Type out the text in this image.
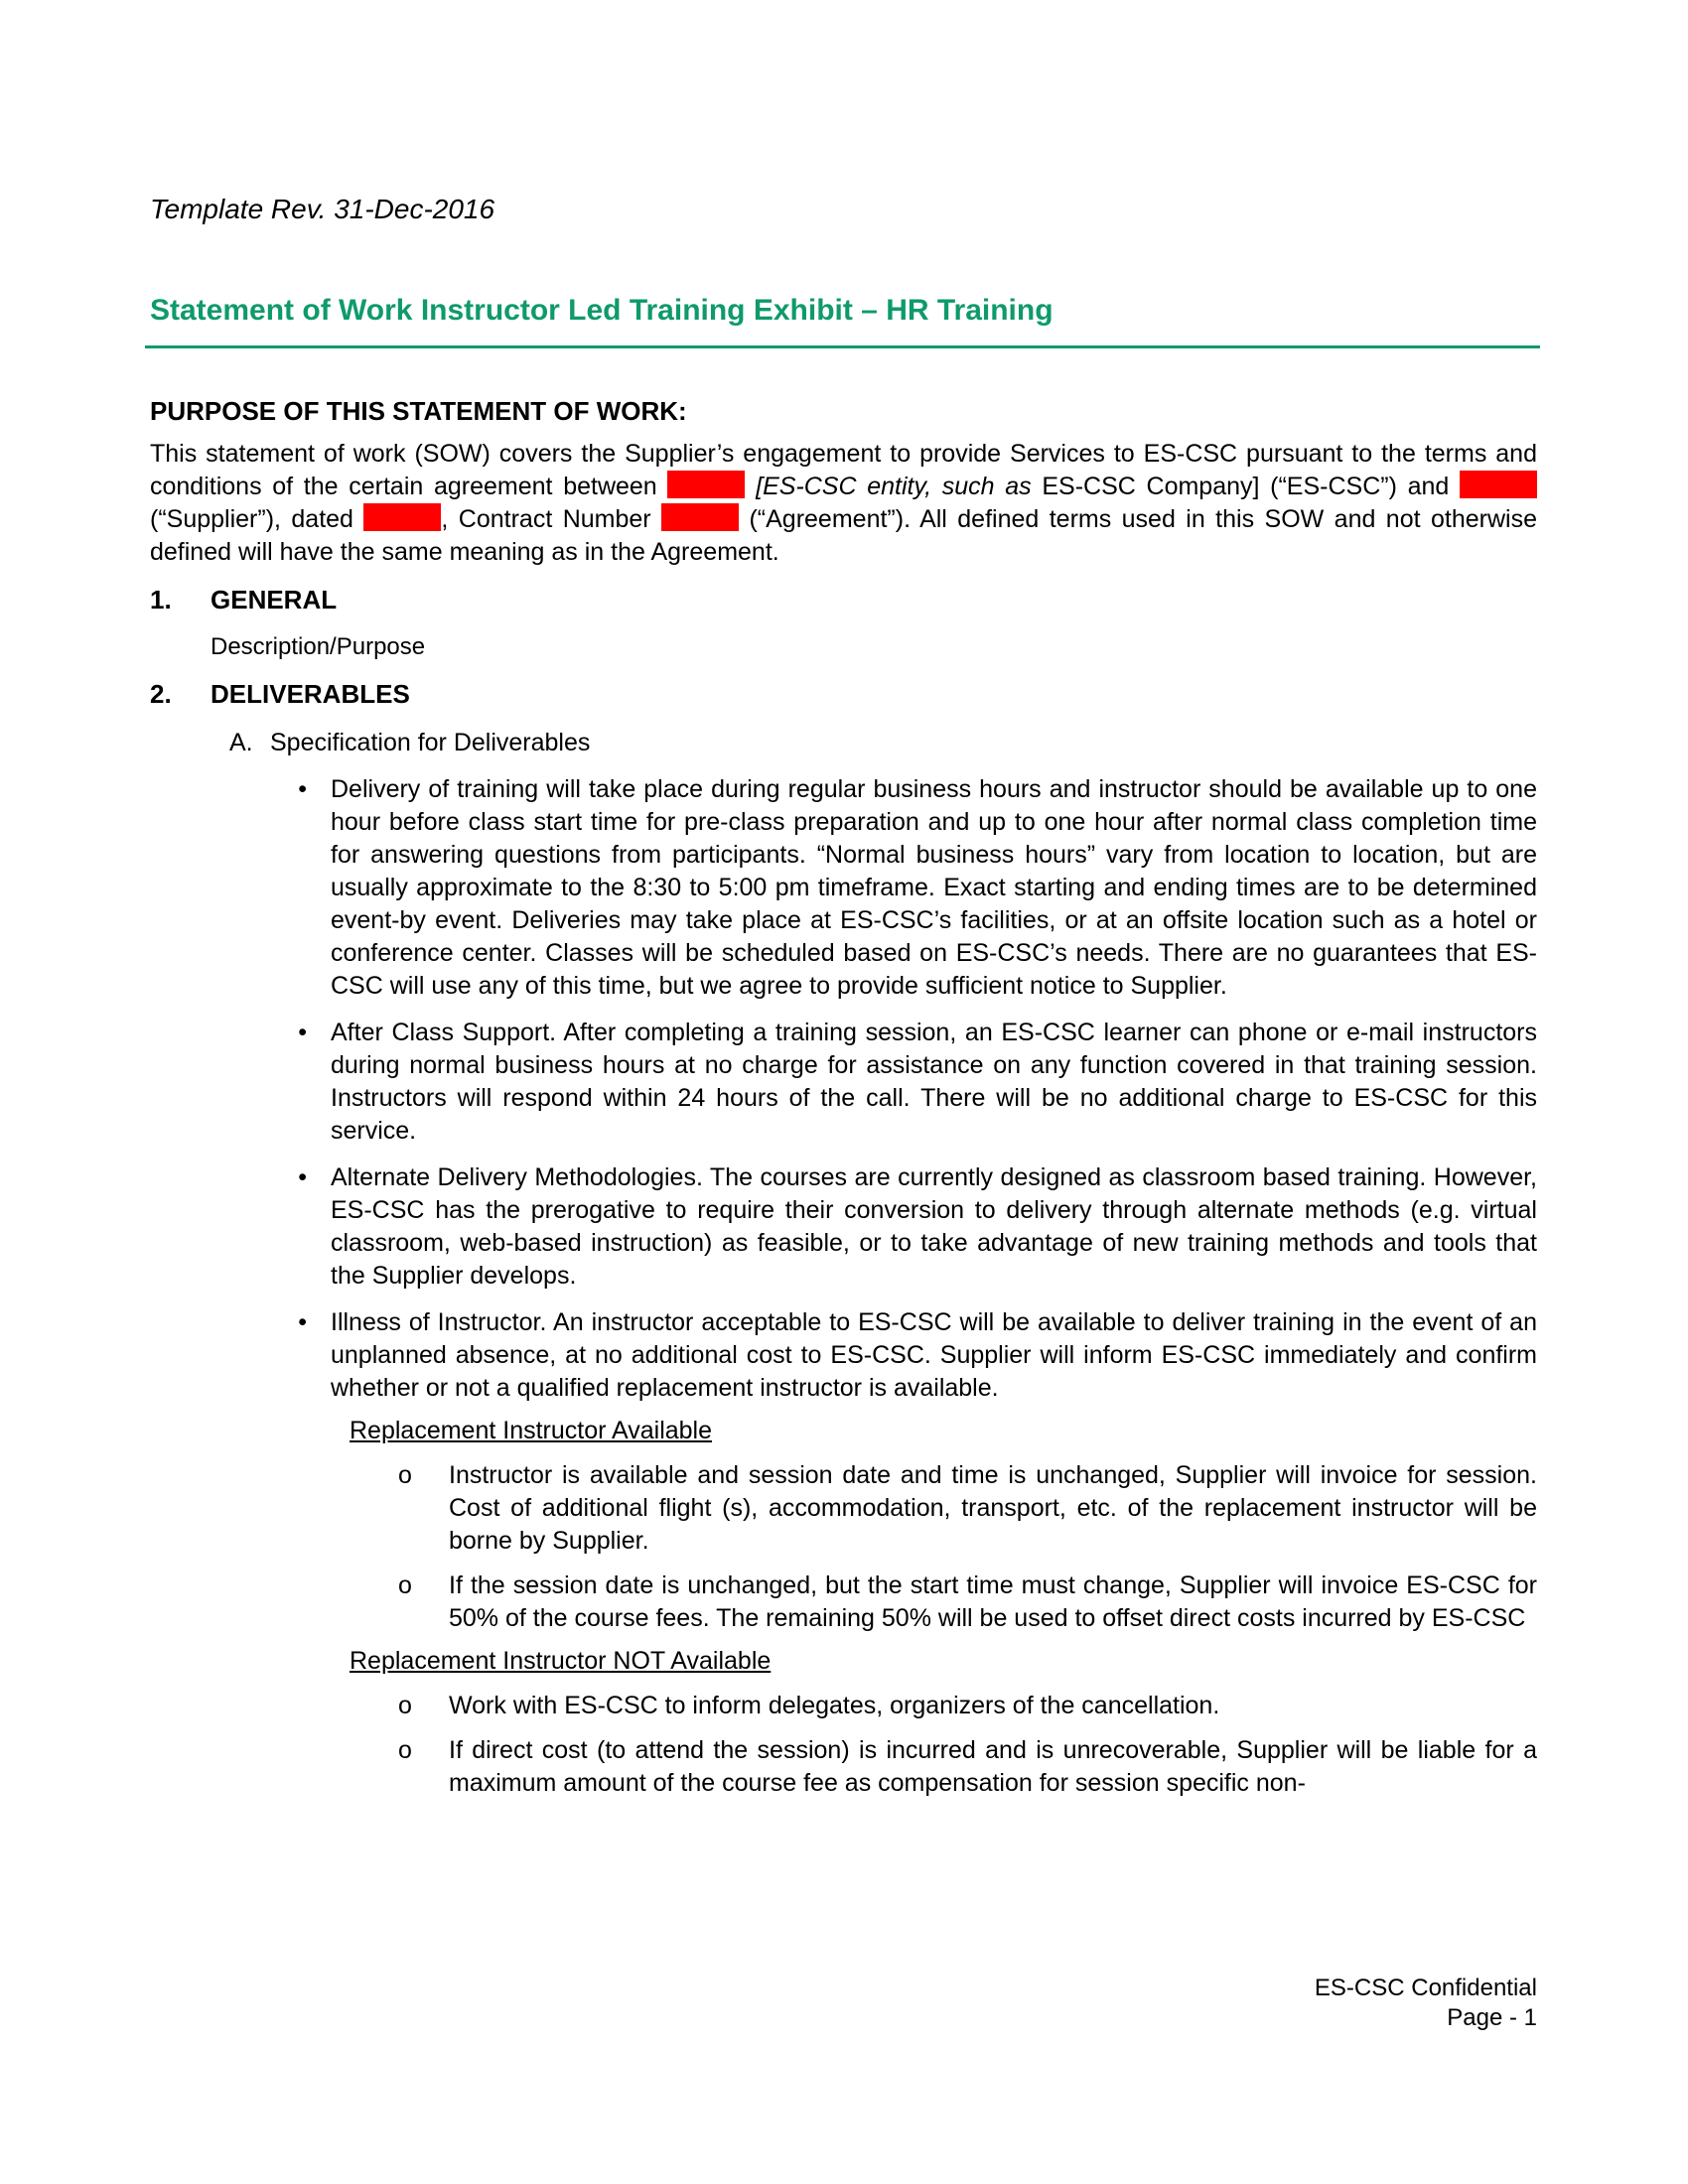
Template Rev. 31-Dec-2016
Statement of Work Instructor Led Training Exhibit – HR Training
PURPOSE OF THIS STATEMENT OF WORK:

This statement of work (SOW) covers the Supplier’s engagement to provide Services to ES-CSC pursuant to the terms and conditions of the certain agreement between	[ES-CSC entity, such as ES-CSC Company] (“ES-CSC”) and  (“Supplier”), dated	, Contract Number	(“Agreement”). All defined terms used in this SOW and not otherwise defined will have the same meaning as in the Agreement.

1.	GENERAL
Description/Purpose
2.	DELIVERABLES
A. Specification for Deliverables
• Delivery of training will take place during regular business hours and instructor should be available up to one hour before class start time for pre-class preparation and up to one hour after normal class completion time for answering questions from participants. “Normal business hours” vary from location to location, but are usually approximate to the 8:30 to 5:00 pm timeframe. Exact starting and ending times are to be determined event-by event. Deliveries may take place at ES-CSC’s facilities, or at an offsite location such as a hotel or conference center. Classes will be scheduled based on ES-CSC’s needs. There are no guarantees that ES-CSC will use any of this time, but we agree to provide sufficient notice to Supplier.
• After Class Support. After completing a training session, an ES-CSC learner can phone or e-mail instructors during normal business hours at no charge for assistance on any function covered in that training session. Instructors will respond within 24 hours of the call. There will be no additional charge to ES-CSC for this service.
• Alternate Delivery Methodologies. The courses are currently designed as classroom based training. However, ES-CSC has the prerogative to require their conversion to delivery through alternate methods (e.g. virtual classroom, web-based instruction) as feasible, or to take advantage of new training methods and tools that the Supplier develops.
• Illness of Instructor. An instructor acceptable to ES-CSC will be available to deliver training in the event of an unplanned absence, at no additional cost to ES-CSC. Supplier will inform ES-CSC immediately and confirm whether or not a qualified replacement instructor is available.
Replacement Instructor Available
o	Instructor is available and session date and time is unchanged, Supplier will invoice for session. Cost of additional flight (s), accommodation, transport, etc. of the replacement instructor will be borne by Supplier.
o	If the session date is unchanged, but the start time must change, Supplier will invoice ES-CSC for 50% of the course fees. The remaining 50% will be used to offset direct costs incurred by ES-CSC
Replacement Instructor NOT Available
o	Work with ES-CSC to inform delegates, organizers of the cancellation.
o	If direct cost (to attend the session) is incurred and is unrecoverable, Supplier will be liable for a maximum amount of the course fee as compensation for session specific non-
ES-CSC Confidential
Page - 1
